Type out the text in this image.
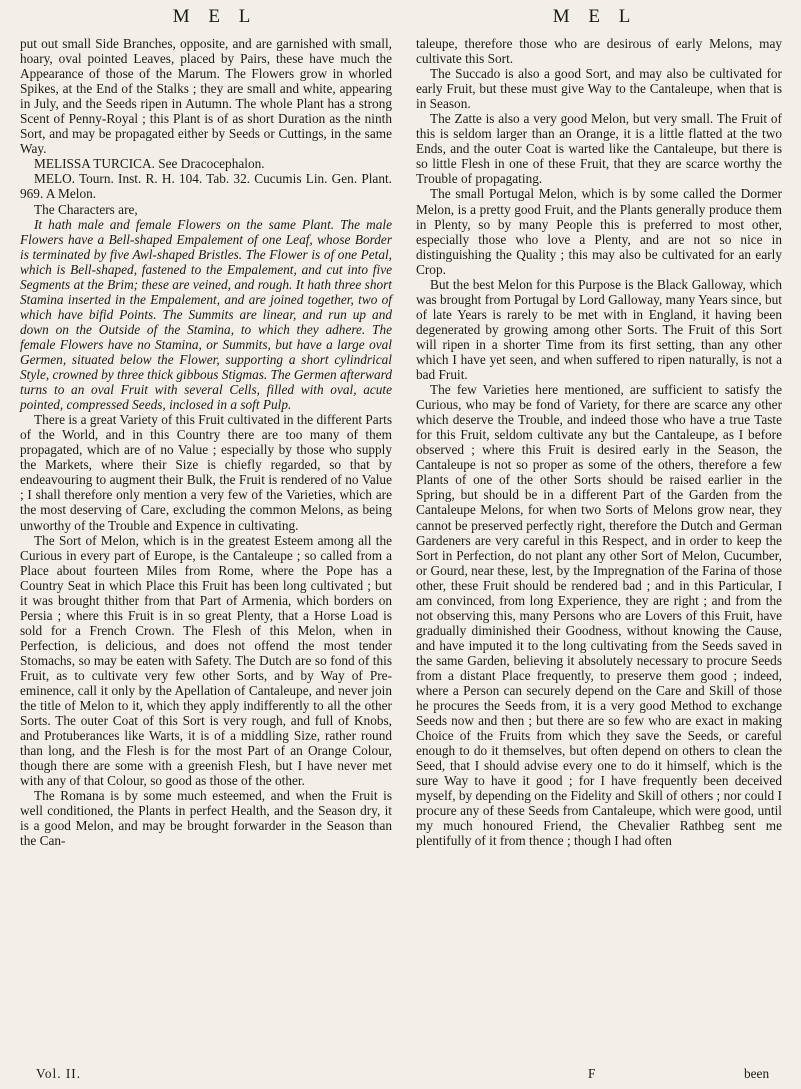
M E L	M E L

put out small Side Branches, opposite, and are garnished with small, hoary, oval pointed Leaves, placed by Pairs, these have much the Appearance of those of the Marum. The Flowers grow in whorled Spikes, at the End of the Stalks ; they are small and white, appearing in July, and the Seeds ripen in Autumn. The whole Plant has a strong Scent of Penny-Royal ; this Plant is of as short Duration as the ninth Sort, and may be propagated either by Seeds or Cuttings, in the same Way.

MELISSA TURCICA. See Dracocephalon.

MELO. Tourn. Inst. R. H. 104. Tab. 32. Cucumis Lin. Gen. Plant. 969. A Melon.

The Characters are,

It hath male and female Flowers on the same Plant. The male Flowers have a Bell-shaped Empalement of one Leaf, whose Border is terminated by five Awl-shaped Bristles. The Flower is of one Petal, which is Bell-shaped, fastened to the Empalement, and cut into five Segments at the Brim; these are veined, and rough. It hath three short Stamina inserted in the Empalement, and are joined together, two of which have bifid Points. The Summits are linear, and run up and down on the Outside of the Stamina, to which they adhere. The female Flowers have no Stamina, or Summits, but have a large oval Germen, situated below the Flower, supporting a short cylindrical Style, crowned by three thick gibbous Stigmas. The Germen afterward turns to an oval Fruit with several Cells, filled with oval, acute pointed, compressed Seeds, inclosed in a soft Pulp.

There is a great Variety of this Fruit cultivated in the different Parts of the World, and in this Country there are too many of them propagated, which are of no Value ; especially by those who supply the Markets, where their Size is chiefly regarded, so that by endeavouring to augment their Bulk, the Fruit is rendered of no Value ; I shall therefore only mention a very few of the Varieties, which are the most deserving of Care, excluding the common Melons, as being unworthy of the Trouble and Expence in cultivating.

The Sort of Melon, which is in the greatest Esteem among all the Curious in every part of Europe, is the Cantaleupe ; so called from a Place about fourteen Miles from Rome, where the Pope has a Country Seat in which Place this Fruit has been long cultivated ; but it was brought thither from that Part of Armenia, which borders on Persia ; where this Fruit is in so great Plenty, that a Horse Load is sold for a French Crown. The Flesh of this Melon, when in Perfection, is delicious, and does not offend the most tender Stomachs, so may be eaten with Safety. The Dutch are so fond of this Fruit, as to cultivate very few other Sorts, and by Way of Pre-eminence, call it only by the Apellation of Cantaleupe, and never join the title of Melon to it, which they apply indifferently to all the other Sorts. The outer Coat of this Sort is very rough, and full of Knobs, and Protuberances like Warts, it is of a middling Size, rather round than long, and the Flesh is for the most Part of an Orange Colour, though there are some with a greenish Flesh, but I have never met with any of that Colour, so good as those of the other.

The Romana is by some much esteemed, and when the Fruit is well conditioned, the Plants in perfect Health, and the Season dry, it is a good Melon, and may be brought forwarder in the Season than the Can-

taleupe, therefore those who are desirous of early Melons, may cultivate this Sort.

The Succado is also a good Sort, and may also be cultivated for early Fruit, but these must give Way to the Cantaleupe, when that is in Season.

The Zatte is also a very good Melon, but very small. The Fruit of this is seldom larger than an Orange, it is a little flatted at the two Ends, and the outer Coat is warted like the Cantaleupe, but there is so little Flesh in one of these Fruit, that they are scarce worthy the Trouble of propagating.

The small Portugal Melon, which is by some called the Dormer Melon, is a pretty good Fruit, and the Plants generally produce them in Plenty, so by many People this is preferred to most other, especially those who love a Plenty, and are not so nice in distinguishing the Quality ; this may also be cultivated for an early Crop.

But the best Melon for this Purpose is the Black Galloway, which was brought from Portugal by Lord Galloway, many Years since, but of late Years is rarely to be met with in England, it having been degenerated by growing among other Sorts. The Fruit of this Sort will ripen in a shorter Time from its first setting, than any other which I have yet seen, and when suffered to ripen naturally, is not a bad Fruit.

The few Varieties here mentioned, are sufficient to satisfy the Curious, who may be fond of Variety, for there are scarce any other which deserve the Trouble, and indeed those who have a true Taste for this Fruit, seldom cultivate any but the Cantaleupe, as I before observed ; where this Fruit is desired early in the Season, the Cantaleupe is not so proper as some of the others, therefore a few Plants of one of the other Sorts should be raised earlier in the Spring, but should be in a different Part of the Garden from the Cantaleupe Melons, for when two Sorts of Melons grow near, they cannot be preserved perfectly right, therefore the Dutch and German Gardeners are very careful in this Respect, and in order to keep the Sort in Perfection, do not plant any other Sort of Melon, Cucumber, or Gourd, near these, lest, by the Impregnation of the Farina of those other, these Fruit should be rendered bad ; and in this Particular, I am convinced, from long Experience, they are right ; and from the not observing this, many Persons who are Lovers of this Fruit, have gradually diminished their Goodness, without knowing the Cause, and have imputed it to the long cultivating from the Seeds saved in the same Garden, believing it absolutely necessary to procure Seeds from a distant Place frequently, to preserve them good ; indeed, where a Person can securely depend on the Care and Skill of those he procures the Seeds from, it is a very good Method to exchange Seeds now and then ; but there are so few who are exact in making Choice of the Fruits from which they save the Seeds, or careful enough to do it themselves, but often depend on others to clean the Seed, that I should advise every one to do it himself, which is the sure Way to have it good ; for I have frequently been deceived myself, by depending on the Fidelity and Skill of others ; nor could I procure any of these Seeds from Cantaleupe, which were good, until my much honoured Friend, the Chevalier Rathbeg sent me plentifully of it from thence ; though I had often

Vol. II.	F	been
